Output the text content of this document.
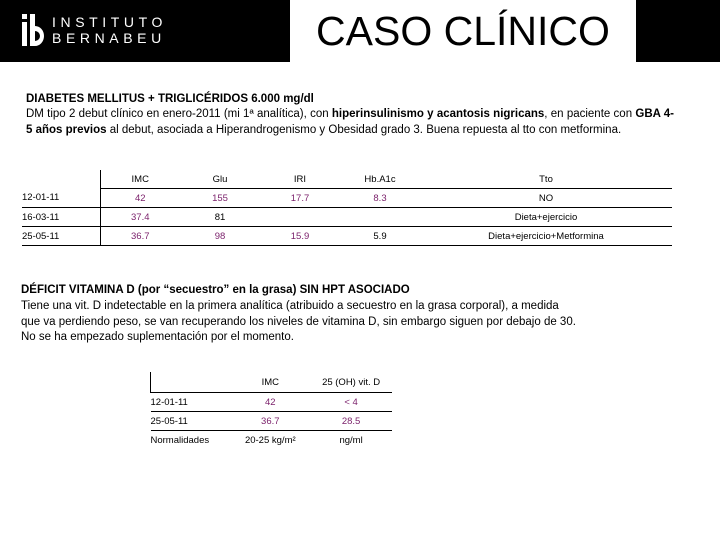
INSTITUTO
BERNABEU	CASO CLÍNICO
DIABETES MELLITUS + TRIGLICÉRIDOS 6.000 mg/dl
DM tipo 2 debut clínico en enero-2011 (mi 1ª analítica), con hiperinsulinismo y acantosis nigricans, en paciente con GBA 4-5 años previos al debut, asociada a Hiperandrogenismo y Obesidad grado 3. Buena repuesta al tto con metformina.
	IMC	Glu	IRI	Hb.A1c	Tto
12-01-11	42	155	17.7	8.3	NO
16-03-11	37.4	81			Dieta+ejercicio
25-05-11	36.7	98	15.9	5.9	Dieta+ejercicio+Metformina
DÉFICIT VITAMINA D (por “secuestro” en la grasa) SIN HPT ASOCIADO
Tiene una vit. D indetectable en la primera analítica (atribuido a secuestro en la grasa corporal), a medida que va perdiendo peso, se van recuperando los niveles de vitamina D, sin embargo siguen por debajo de 30. No se ha empezado suplementación por el momento.
	IMC	25 (OH) vit. D
12-01-11	42	< 4
25-05-11	36.7	28.5
Normalidades	20-25 kg/m²	ng/ml
